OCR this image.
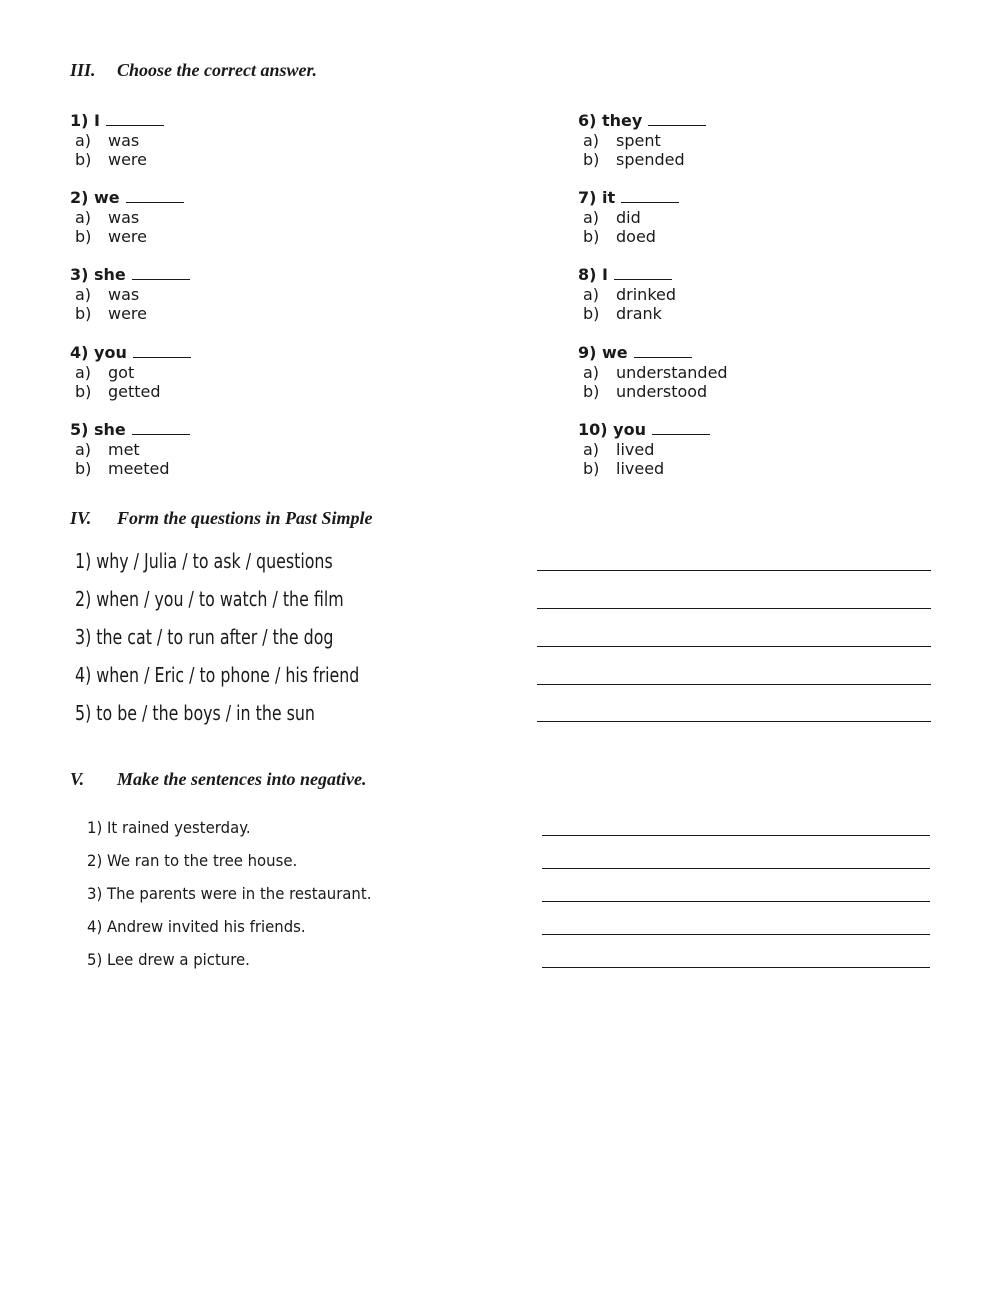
III. Choose the correct answer.
1) I
a) was
b) were
2) we
a) was
b) were
3) she
a) was
b) were
4) you
a) got
b) getted
5) she
a) met
b) meeted
6) they
a) spent
b) spended
7) it
a) did
b) doed
8) I
a) drinked
b) drank
9) we
a) understanded
b) understood
10) you
a) lived
b) liveed
IV. Form the questions in Past Simple
1) why / Julia / to ask / questions
2) when / you / to watch / the film
3) the cat / to run after / the dog
4) when / Eric / to phone / his friend
5) to be / the boys / in the sun
V. Make the sentences into negative.
1) It rained yesterday.
2) We ran to the tree house.
3) The parents were in the restaurant.
4) Andrew invited his friends.
5) Lee drew a picture.
